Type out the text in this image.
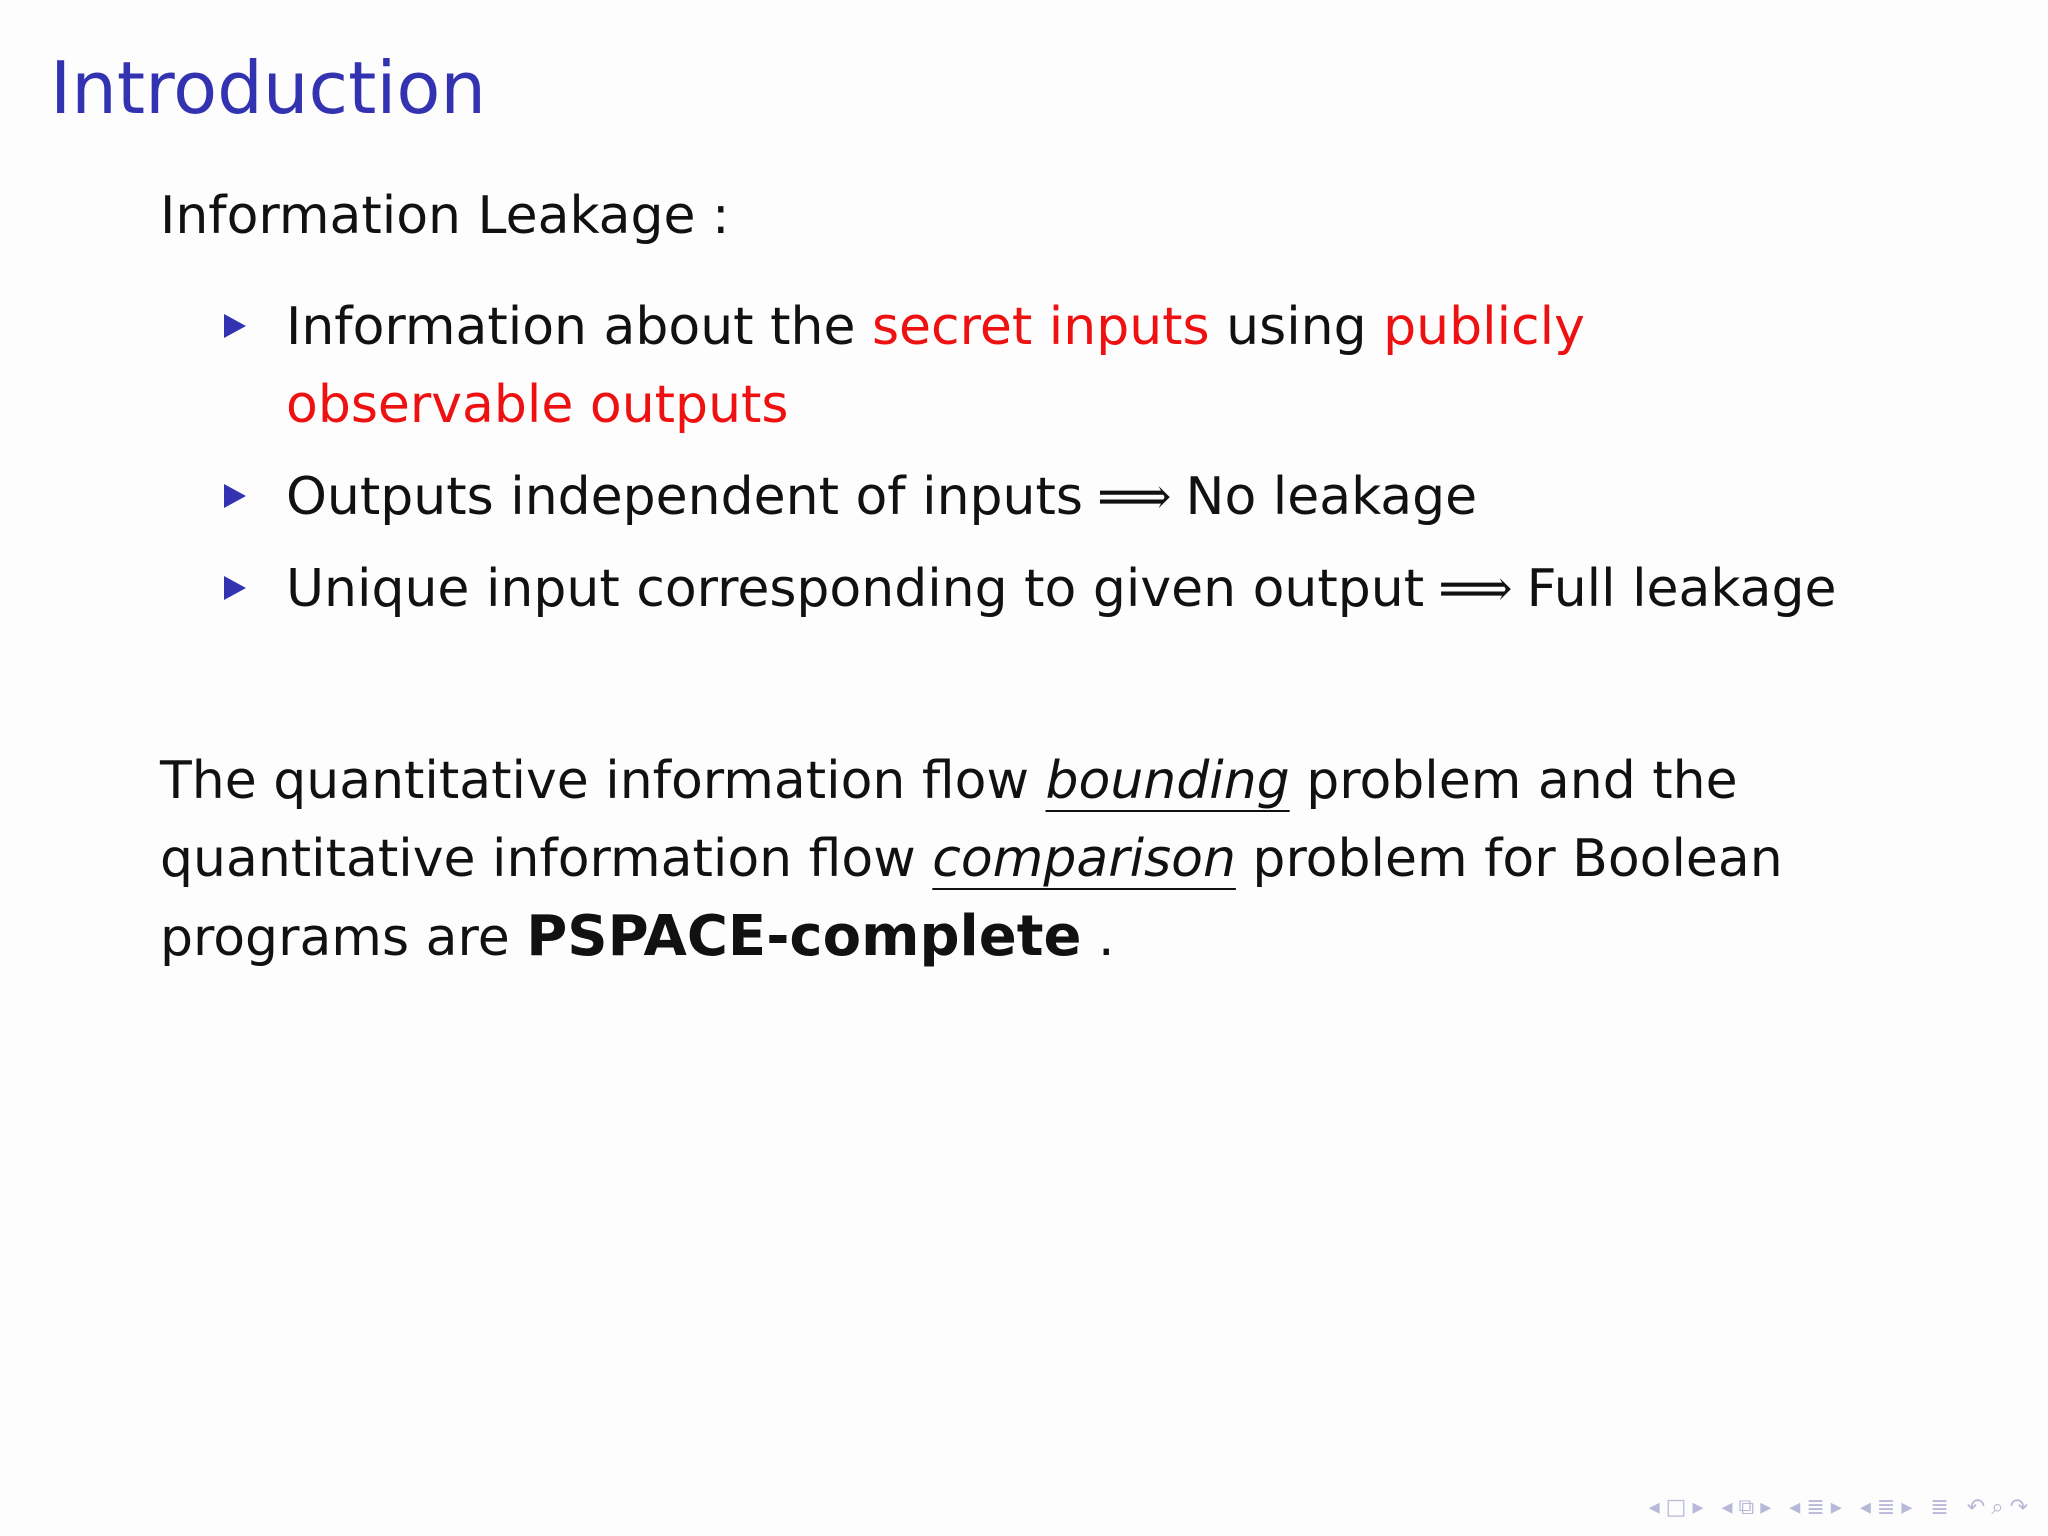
Introduction
Information Leakage :
Information about the secret inputs using publicly observable outputs
Outputs independent of inputs ⟹ No leakage
Unique input corresponding to given output ⟹ Full leakage
The quantitative information flow bounding problem and the quantitative information flow comparison problem for Boolean programs are PSPACE-complete .
◂ □ ▸ ◂ ⧉ ▸ ◂ ≣ ▸ ◂ ≣ ▸ ≣ ↶ ⌕ ↷
